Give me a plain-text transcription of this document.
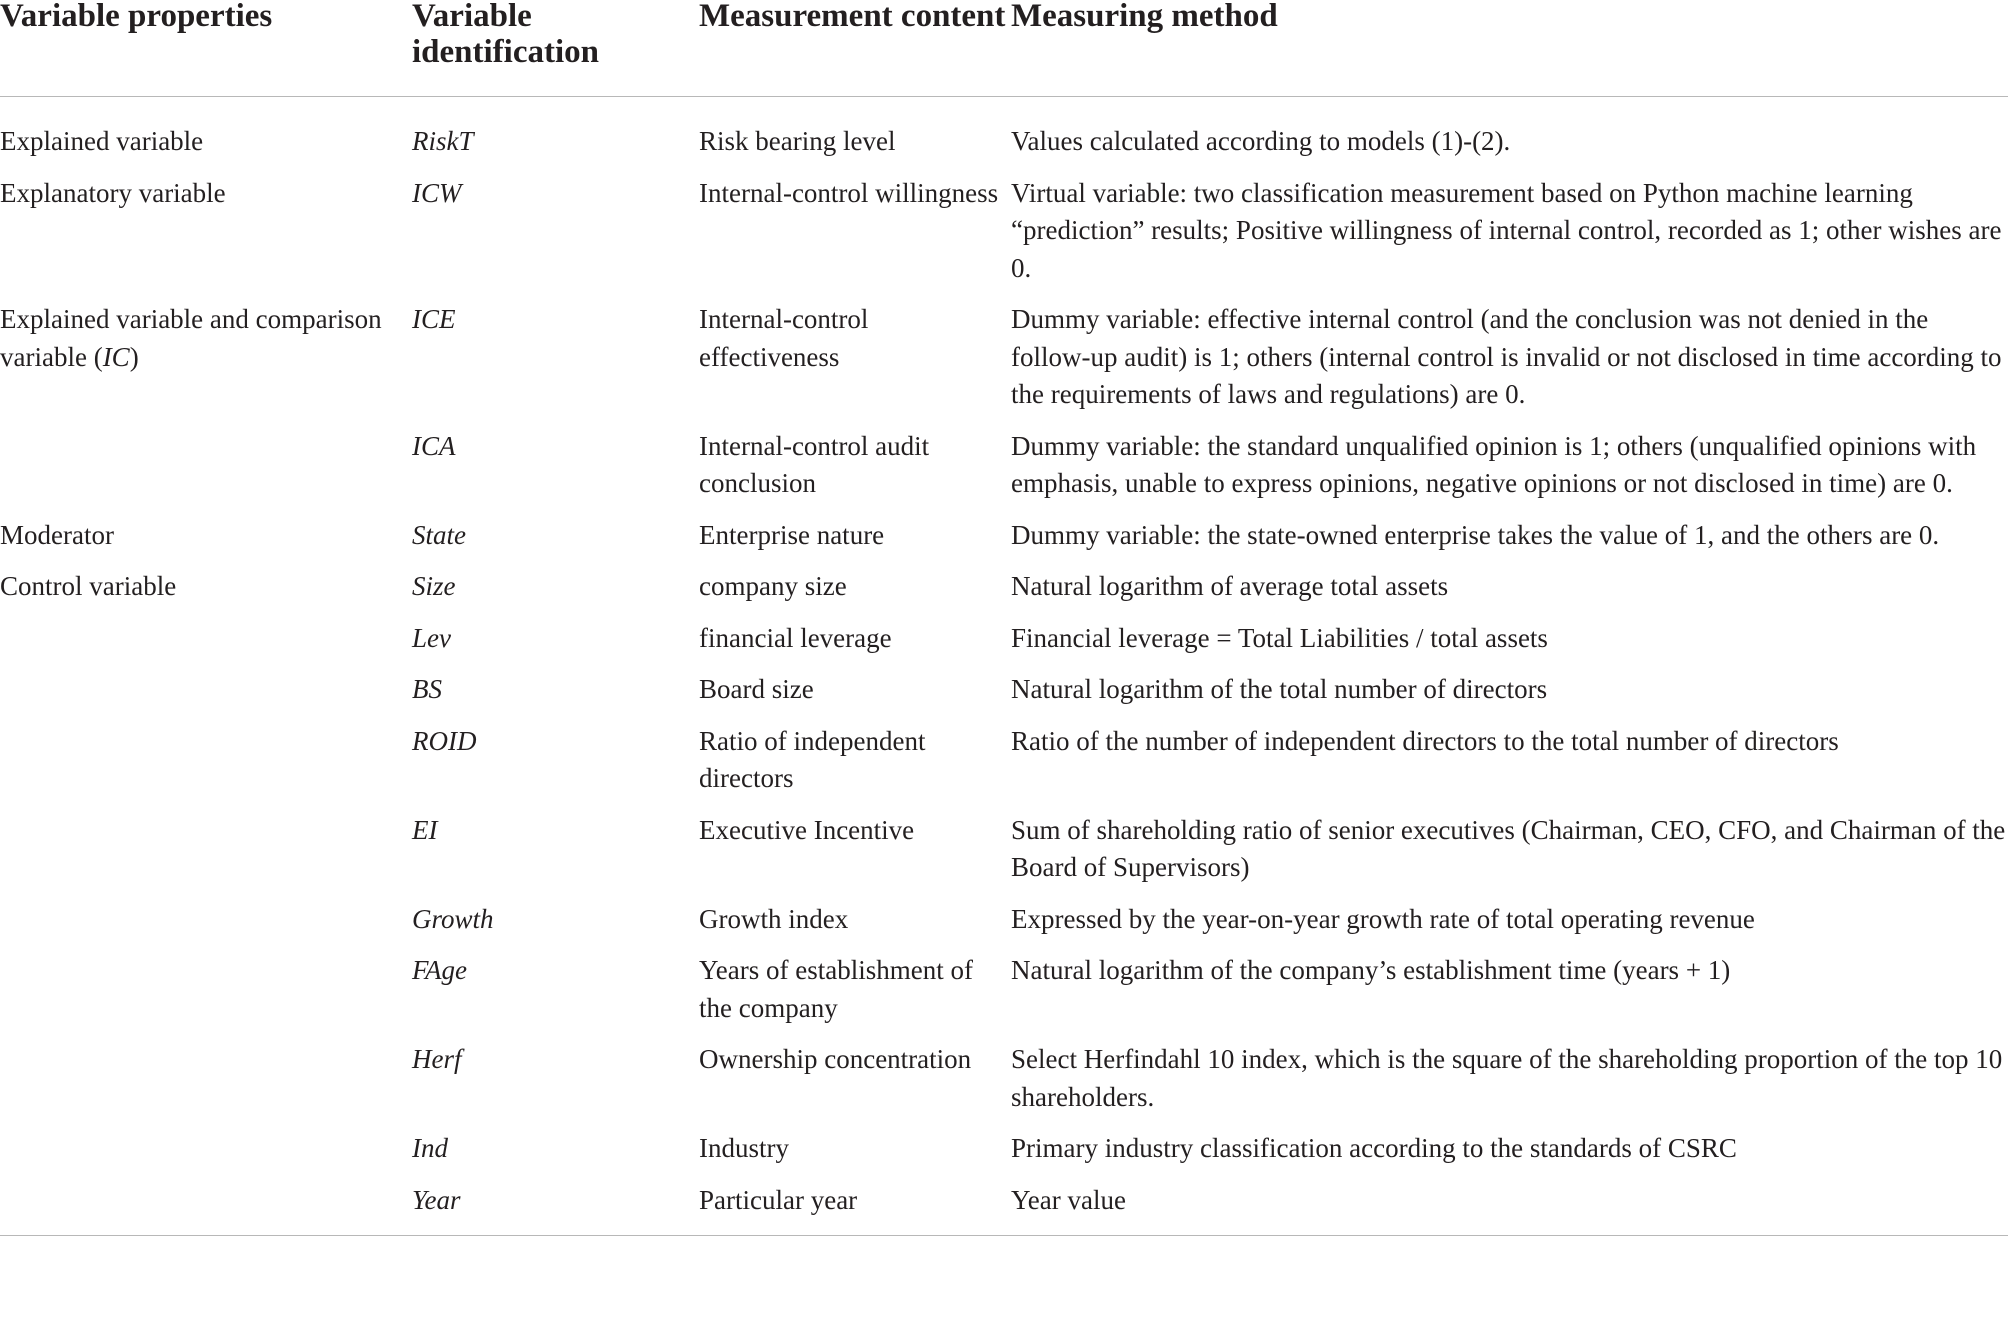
Variable properties	Variable identification	Measurement content	Measuring method

Explained variable	RiskT	Risk bearing level	Values calculated according to models (1)-(2).
Explanatory variable	ICW	Internal-control willingness	Virtual variable: two classification measurement based on Python machine learning “prediction” results; Positive willingness of internal control, recorded as 1; other wishes are 0.
Explained variable and comparison variable (IC)	ICE	Internal-control effectiveness	Dummy variable: effective internal control (and the conclusion was not denied in the follow-up audit) is 1; others (internal control is invalid or not disclosed in time according to the requirements of laws and regulations) are 0.
	ICA	Internal-control audit conclusion	Dummy variable: the standard unqualified opinion is 1; others (unqualified opinions with emphasis, unable to express opinions, negative opinions or not disclosed in time) are 0.
Moderator	State	Enterprise nature	Dummy variable: the state-owned enterprise takes the value of 1, and the others are 0.
Control variable	Size	company size	Natural logarithm of average total assets
	Lev	financial leverage	Financial leverage = Total Liabilities / total assets
	BS	Board size	Natural logarithm of the total number of directors
	ROID	Ratio of independent directors	Ratio of the number of independent directors to the total number of directors
	EI	Executive Incentive	Sum of shareholding ratio of senior executives (Chairman, CEO, CFO, and Chairman of the Board of Supervisors)
	Growth	Growth index	Expressed by the year-on-year growth rate of total operating revenue
	FAge	Years of establishment of the company	Natural logarithm of the company’s establishment time (years + 1)
	Herf	Ownership concentration	Select Herfindahl 10 index, which is the square of the shareholding proportion of the top 10 shareholders.
	Ind	Industry	Primary industry classification according to the standards of CSRC
	Year	Particular year	Year value
